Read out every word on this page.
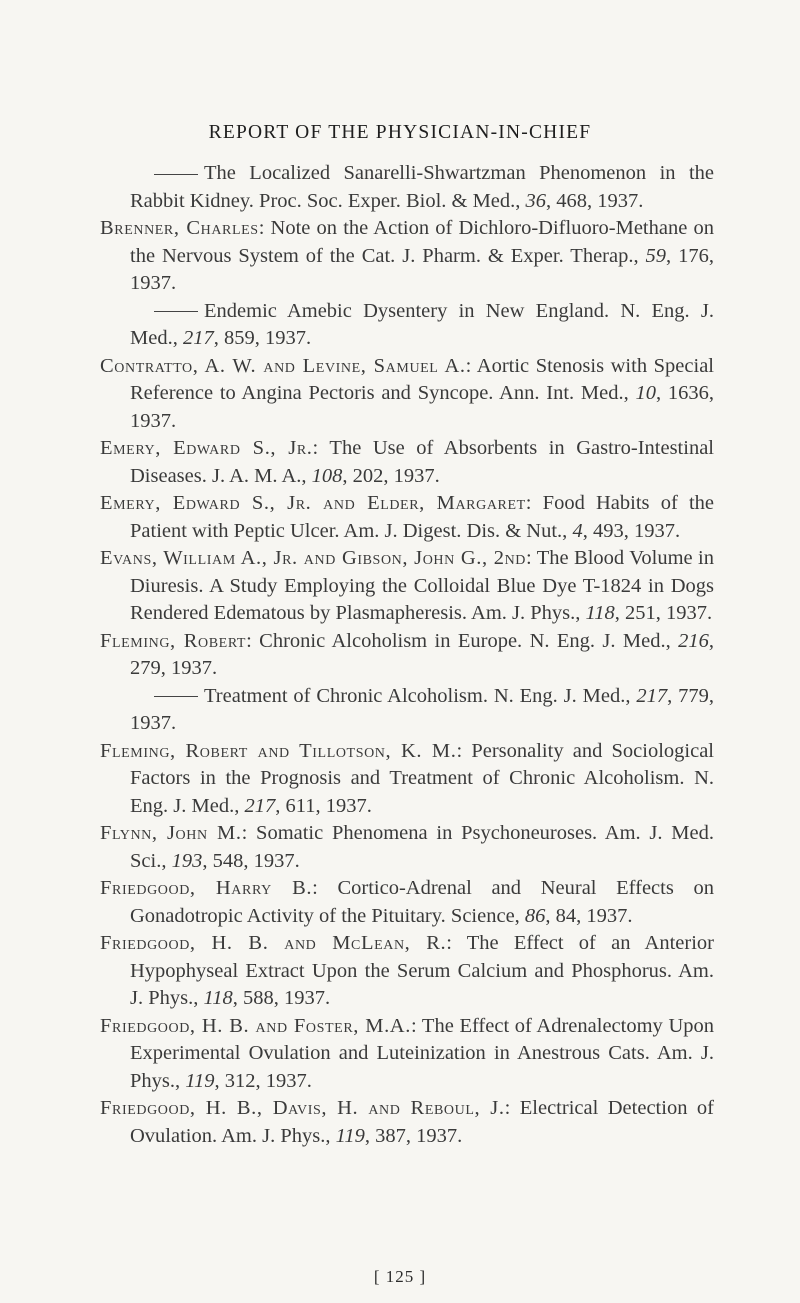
REPORT OF THE PHYSICIAN-IN-CHIEF
The Localized Sanarelli-Shwartzman Phenomenon in the Rabbit Kidney. Proc. Soc. Exper. Biol. & Med., 36, 468, 1937.
Brenner, Charles: Note on the Action of Dichloro-Difluoro-Methane on the Nervous System of the Cat. J. Pharm. & Exper. Therap., 59, 176, 1937.
Endemic Amebic Dysentery in New England. N. Eng. J. Med., 217, 859, 1937.
Contratto, A. W. and Levine, Samuel A.: Aortic Stenosis with Special Reference to Angina Pectoris and Syncope. Ann. Int. Med., 10, 1636, 1937.
Emery, Edward S., Jr.: The Use of Absorbents in Gastro-Intestinal Diseases. J. A. M. A., 108, 202, 1937.
Emery, Edward S., Jr. and Elder, Margaret: Food Habits of the Patient with Peptic Ulcer. Am. J. Digest. Dis. & Nut., 4, 493, 1937.
Evans, William A., Jr. and Gibson, John G., 2nd: The Blood Volume in Diuresis. A Study Employing the Colloidal Blue Dye T-1824 in Dogs Rendered Edematous by Plasmapheresis. Am. J. Phys., 118, 251, 1937.
Fleming, Robert: Chronic Alcoholism in Europe. N. Eng. J. Med., 216, 279, 1937.
Treatment of Chronic Alcoholism. N. Eng. J. Med., 217, 779, 1937.
Fleming, Robert and Tillotson, K. M.: Personality and Sociological Factors in the Prognosis and Treatment of Chronic Alcoholism. N. Eng. J. Med., 217, 611, 1937.
Flynn, John M.: Somatic Phenomena in Psychoneuroses. Am. J. Med. Sci., 193, 548, 1937.
Friedgood, Harry B.: Cortico-Adrenal and Neural Effects on Gonadotropic Activity of the Pituitary. Science, 86, 84, 1937.
Friedgood, H. B. and McLean, R.: The Effect of an Anterior Hypophyseal Extract Upon the Serum Calcium and Phosphorus. Am. J. Phys., 118, 588, 1937.
Friedgood, H. B. and Foster, M.A.: The Effect of Adrenalectomy Upon Experimental Ovulation and Luteinization in Anestrous Cats. Am. J. Phys., 119, 312, 1937.
Friedgood, H. B., Davis, H. and Reboul, J.: Electrical Detection of Ovulation. Am. J. Phys., 119, 387, 1937.
[ 125 ]
